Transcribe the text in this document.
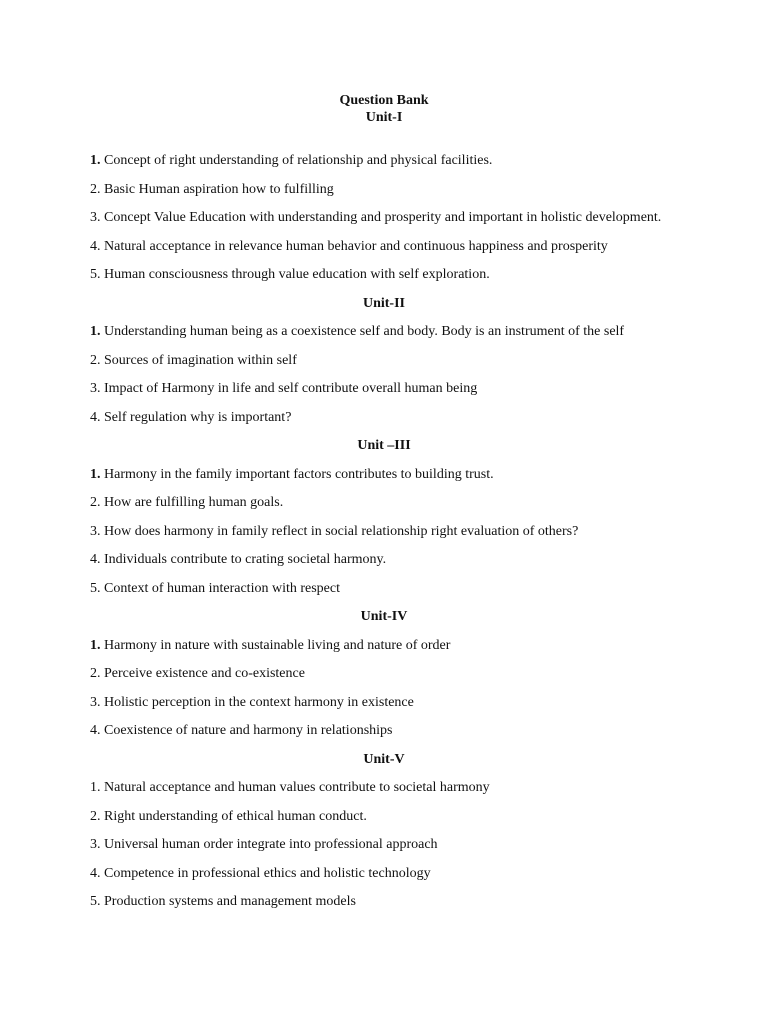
Question Bank

Unit-I

1. Concept of right understanding of relationship and physical facilities.

2. Basic Human aspiration how to fulfilling

3. Concept Value Education with understanding and prosperity and important in holistic development.

4. Natural acceptance in relevance human behavior and continuous happiness and prosperity

5. Human consciousness through value education with self exploration.

Unit-II

1. Understanding human being as a coexistence self and body. Body is an instrument of the self

2. Sources of imagination within self

3. Impact of Harmony in life and self contribute overall human being

4. Self regulation why is important?

Unit –III

1. Harmony in the family important factors contributes to building trust.

2. How are fulfilling human goals.

3. How does harmony in family reflect in social relationship right evaluation of others?

4. Individuals contribute to crating societal harmony.

5. Context of human interaction with respect

Unit-IV

1. Harmony in nature with sustainable living and nature of order

2. Perceive existence and co-existence

3. Holistic perception in the context harmony in existence

4. Coexistence of nature and harmony in relationships

Unit-V

1. Natural acceptance and human values contribute to societal harmony

2. Right understanding of ethical human conduct.

3. Universal human order integrate into professional approach

4. Competence in professional ethics and holistic technology

5. Production systems and management models
